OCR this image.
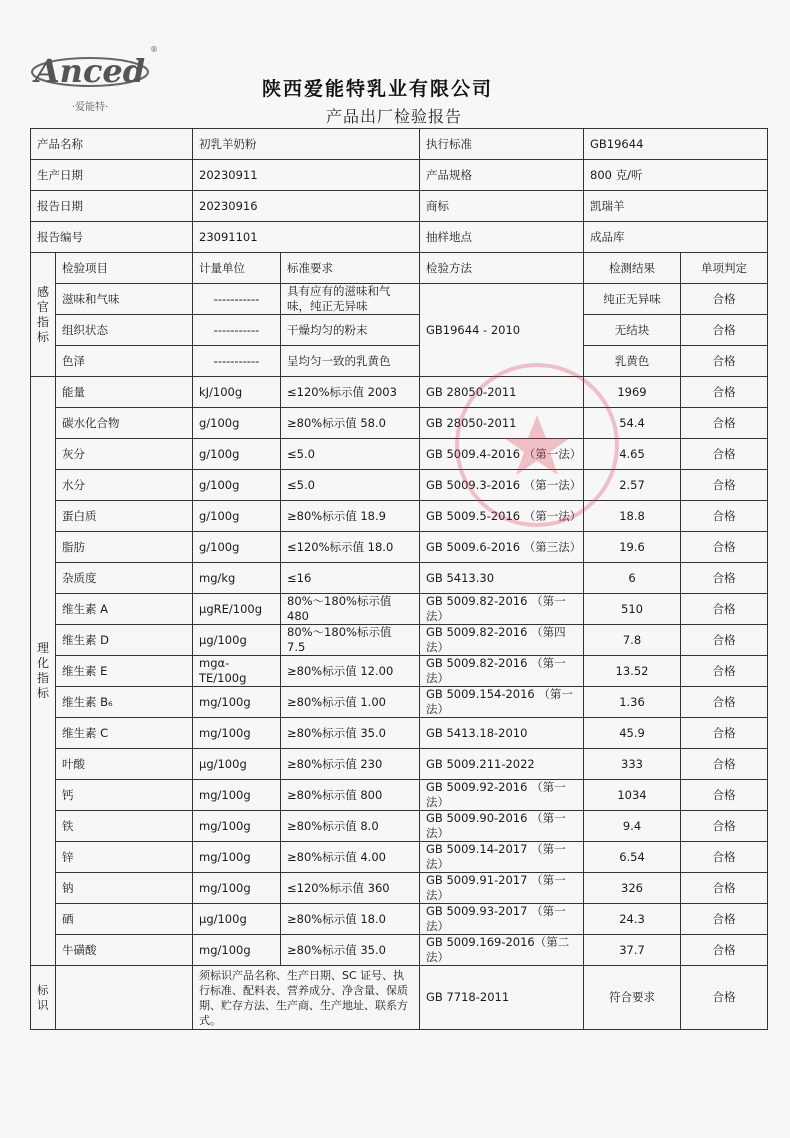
Anced
®
·爱能特·
陕西爱能特乳业有限公司
产品出厂检验报告
产品名称		初乳羊奶粉		执行标准	GB19644	
生产日期		20230911		产品规格	800 克/听	
报告日期		20230916		商标	凯瑞羊	
报告编号		23091101		抽样地点	成品库	

感
官
指
标	检验项目	计量单位	标准要求	检验方法	检测结果	单项判定
	滋味和气味	-----------	具有应有的滋味和气味，纯正无异味	GB19644 - 2010	纯正无异味	合格
	组织状态	-----------	干燥均匀的粉末		无结块	合格
	色泽	-----------	呈均匀一致的乳黄色		乳黄色	合格

理
化
指
标	能量	kJ/100g	≤120%标示值 2003	GB 28050-2011	1969	合格
	碳水化合物	g/100g	≥80%标示值 58.0	GB 28050-2011	54.4	合格
	灰分	g/100g	≤5.0	GB 5009.4-2016 （第一法）	4.65	合格
	水分	g/100g	≤5.0	GB 5009.3-2016 （第一法）	2.57	合格
	蛋白质	g/100g	≥80%标示值 18.9	GB 5009.5-2016 （第一法）	18.8	合格
	脂肪	g/100g	≤120%标示值 18.0	GB 5009.6-2016 （第三法）	19.6	合格
	杂质度	mg/kg	≤16	GB 5413.30	6	合格
	维生素 A	μgRE/100g	80%～180%标示值 480	GB 5009.82-2016 （第一法）	510	合格
	维生素 D	μg/100g	80%～180%标示值 7.5	GB 5009.82-2016 （第四法）	7.8	合格
	维生素 E	mgα-TE/100g	≥80%标示值 12.00	GB 5009.82-2016 （第一法）	13.52	合格
	维生素 B₆	mg/100g	≥80%标示值 1.00	GB 5009.154-2016 （第一法）	1.36	合格
	维生素 C	mg/100g	≥80%标示值 35.0	GB 5413.18-2010	45.9	合格
	叶酸	μg/100g	≥80%标示值 230	GB 5009.211-2022	333	合格
	钙	mg/100g	≥80%标示值 800	GB 5009.92-2016 （第一法）	1034	合格
	铁	mg/100g	≥80%标示值 8.0	GB 5009.90-2016 （第一法）	9.4	合格
	锌	mg/100g	≥80%标示值 4.00	GB 5009.14-2017 （第一法）	6.54	合格
	钠	mg/100g	≤120%标示值 360	GB 5009.91-2017 （第一法）	326	合格
	硒	μg/100g	≥80%标示值 18.0	GB 5009.93-2017 （第一法）	24.3	合格
	牛磺酸	mg/100g	≥80%标示值 35.0	GB 5009.169-2016（第二法）	37.7	合格
标识		须标识产品名称、生产日期、SC 证号、执行标准、配料表、营养成分、净含量、保质期、贮存方法、生产商、生产地址、联系方式。		GB 7718-2011	符合要求	合格
